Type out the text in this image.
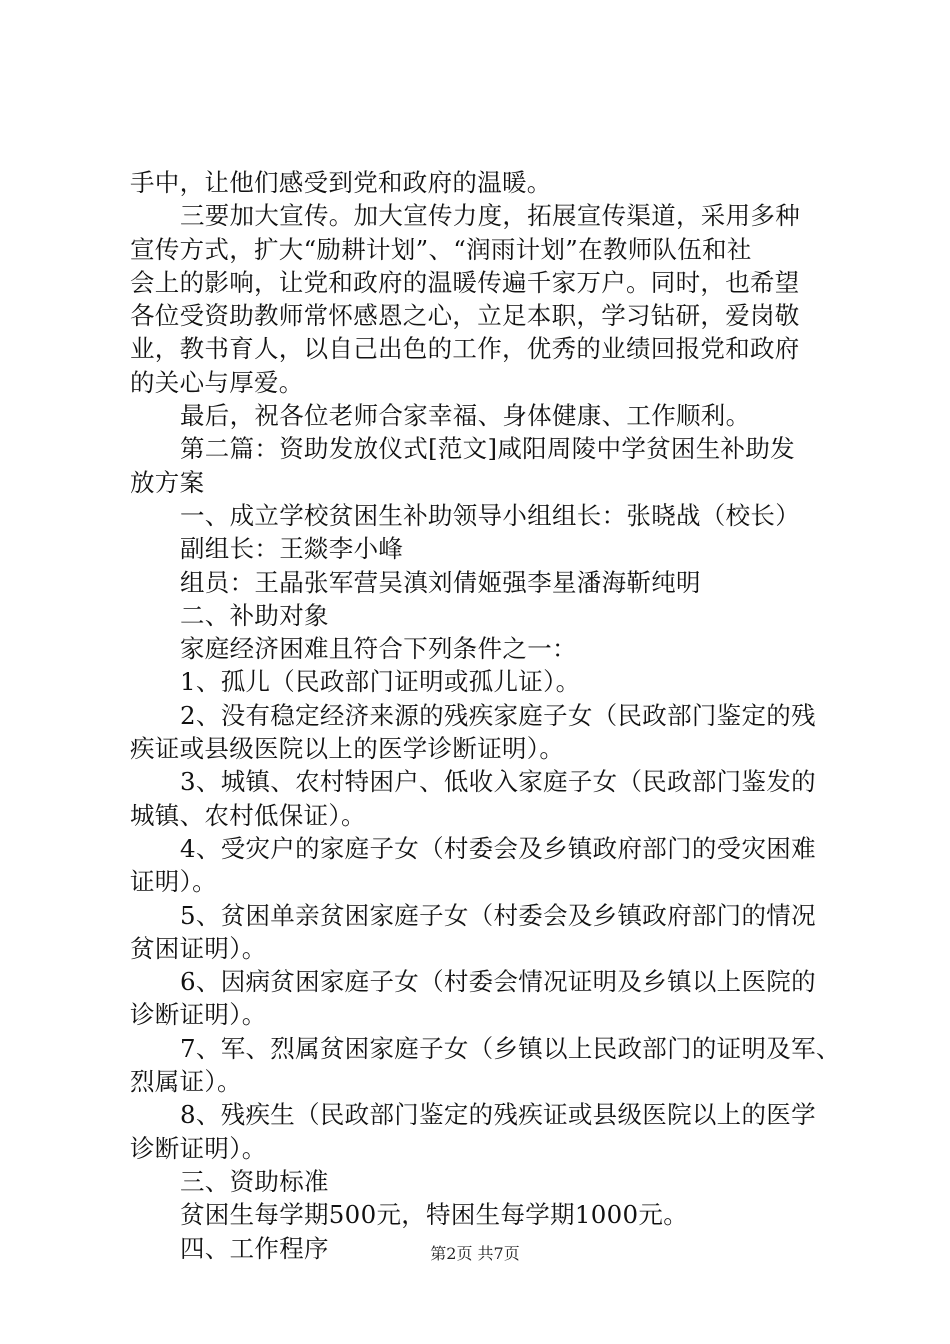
手中，让他们感受到党和政府的温暖。
三要加大宣传。加大宣传力度，拓展宣传渠道，采用多种
宣传方式，扩大“励耕计划”、“润雨计划”在教师队伍和社
会上的影响，让党和政府的温暖传遍千家万户。同时，也希望
各位受资助教师常怀感恩之心，立足本职，学习钻研，爱岗敬
业，教书育人，以自己出色的工作，优秀的业绩回报党和政府
的关心与厚爱。
最后，祝各位老师合家幸福、身体健康、工作顺利。
第二篇：资助发放仪式[范文]咸阳周陵中学贫困生补助发
放方案
一、成立学校贫困生补助领导小组组长：张晓战（校长）
副组长：王燚李小峰
组员：王晶张军营吴滇刘倩姬强李星潘海靳纯明
二、补助对象
家庭经济困难且符合下列条件之一：
1、孤儿（民政部门证明或孤儿证）。
2、没有稳定经济来源的残疾家庭子女（民政部门鉴定的残
疾证或县级医院以上的医学诊断证明）。
3、城镇、农村特困户、低收入家庭子女（民政部门鉴发的
城镇、农村低保证）。
4、受灾户的家庭子女（村委会及乡镇政府部门的受灾困难
证明）。
5、贫困单亲贫困家庭子女（村委会及乡镇政府部门的情况
贫困证明）。
6、因病贫困家庭子女（村委会情况证明及乡镇以上医院的
诊断证明）。
7、军、烈属贫困家庭子女（乡镇以上民政部门的证明及军、
烈属证）。
8、残疾生（民政部门鉴定的残疾证或县级医院以上的医学
诊断证明）。
三、资助标准
贫困生每学期500元，特困生每学期1000元。
四、工作程序	第2页 共7页
